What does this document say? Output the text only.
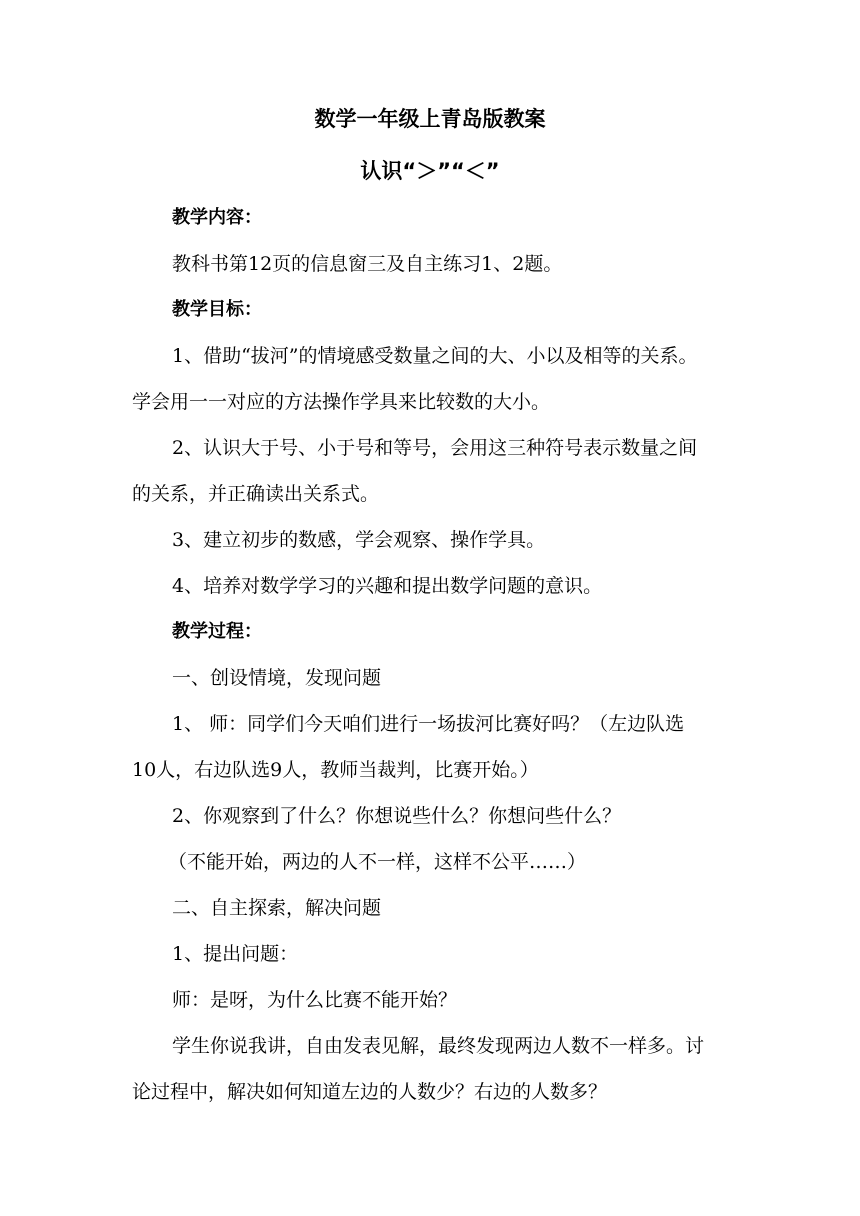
数学一年级上青岛版教案
认识“＞”“＜”
教学内容：
教科书第12页的信息窗三及自主练习1、2题。
教学目标：
1、借助“拔河”的情境感受数量之间的大、小以及相等的关系。
学会用一一对应的方法操作学具来比较数的大小。
2、认识大于号、小于号和等号，会用这三种符号表示数量之间
的关系，并正确读出关系式。
3、建立初步的数感，学会观察、操作学具。
4、培养对数学学习的兴趣和提出数学问题的意识。
教学过程：
一、创设情境，发现问题
1、 师：同学们今天咱们进行一场拔河比赛好吗？（左边队选
10人，右边队选9人，教师当裁判，比赛开始。）
2、你观察到了什么？你想说些什么？你想问些什么？
（不能开始，两边的人不一样，这样不公平……）
二、自主探索，解决问题
1、提出问题：
师：是呀，为什么比赛不能开始？
学生你说我讲，自由发表见解，最终发现两边人数不一样多。讨
论过程中，解决如何知道左边的人数少？右边的人数多？
